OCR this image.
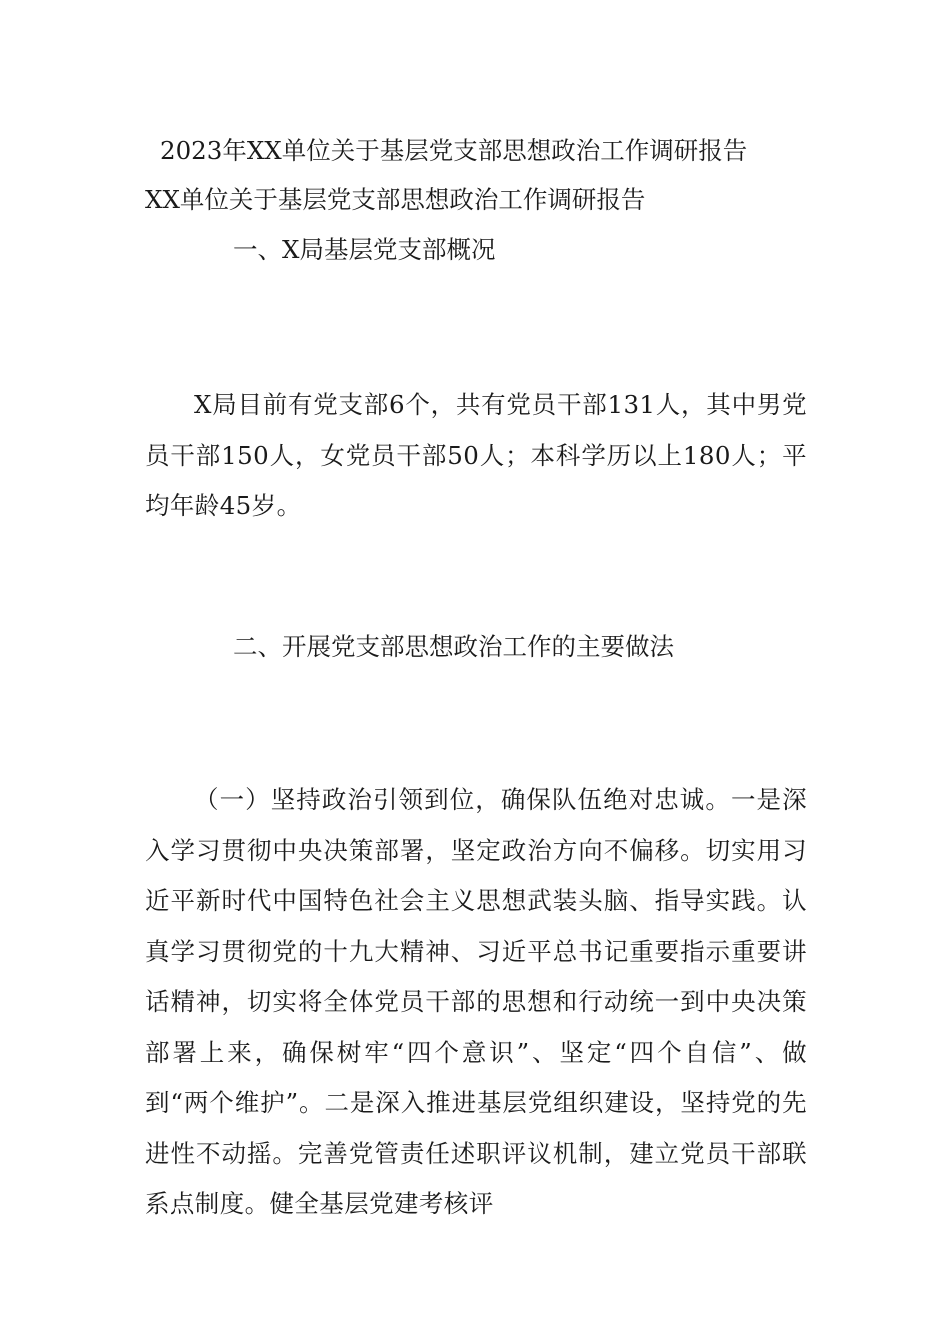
2023年XX单位关于基层党支部思想政治工作调研报告
XX单位关于基层党支部思想政治工作调研报告
一、X局基层党支部概况
X局目前有党支部6个，共有党员干部131人，其中男党员干部150人，女党员干部50人；本科学历以上180人；平均年龄45岁。
二、开展党支部思想政治工作的主要做法
（一）坚持政治引领到位，确保队伍绝对忠诚。一是深入学习贯彻中央决策部署，坚定政治方向不偏移。切实用习近平新时代中国特色社会主义思想武装头脑、指导实践。认真学习贯彻党的十九大精神、习近平总书记重要指示重要讲话精神，切实将全体党员干部的思想和行动统一到中央决策部署上来，确保树牢“四个意识”、坚定“四个自信”、做到“两个维护”。二是深入推进基层党组织建设，坚持党的先进性不动摇。完善党管责任述职评议机制，建立党员干部联系点制度。健全基层党建考核评
